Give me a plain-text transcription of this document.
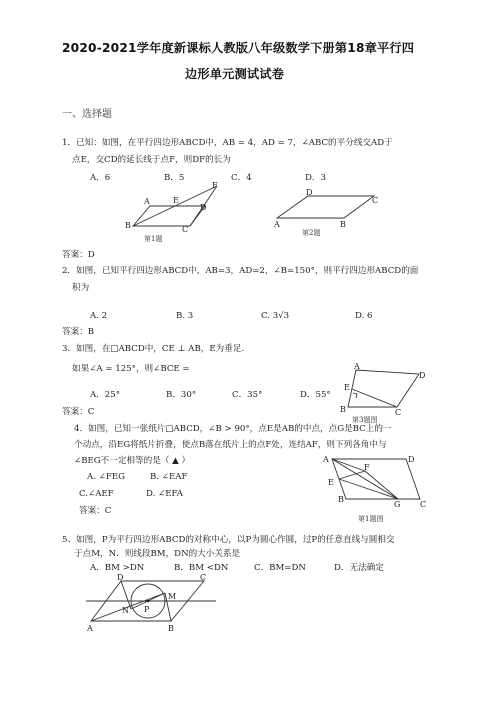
2020-2021学年度新课标人教版八年级数学下册第18章平行四
边形单元测试试卷
一、选择题
1．已知：如图，在平行四边形ABCD中，AB = 4，AD = 7，∠ABC的平分线交AD于
点E，交CD的延长线于点F，则DF的长为
A．6	B．5	C．4	D．3
A	E
D
F
B	C
第1题
D
C
A	B
第2题
答案：D
2．如图，已知平行四边形ABCD中，AB=3，AD=2，∠B=150°，则平行四边形ABCD的面
积为
A. 2	B. 3	C. 3√3	D. 6
答案：B
3．如图，在□ABCD中，CE ⊥ AB，E为垂足.
如果∠A = 125°，则∠BCE =
A．25°	B．30°	C．35°	D．55°
答案：C
A
D
E
B	C
第3题图
4．如图，已知一张纸片□ABCD，∠B > 90°，点E是AB的中点，点G是BC上的一
个动点，沿EG将纸片折叠，使点B落在纸片上的点F处，连结AF，则下列各角中与
∠BEG不一定相等的是（ ▲ ）
A. ∠FEG	B. ∠EAF
C.∠AEF	D. ∠EFA
答案：C
A	D
F
E
B
G C
第1题图
5、如图，P为平行四边形ABCD的对称中心，以P为圆心作圆，过P的任意直线与圆相交
于点M，N．则线段BM，DN的大小关系是
A．BM >DN	B．BM <DN	C．BM=DN	D．无法确定
D	C
M
N P
A	B
